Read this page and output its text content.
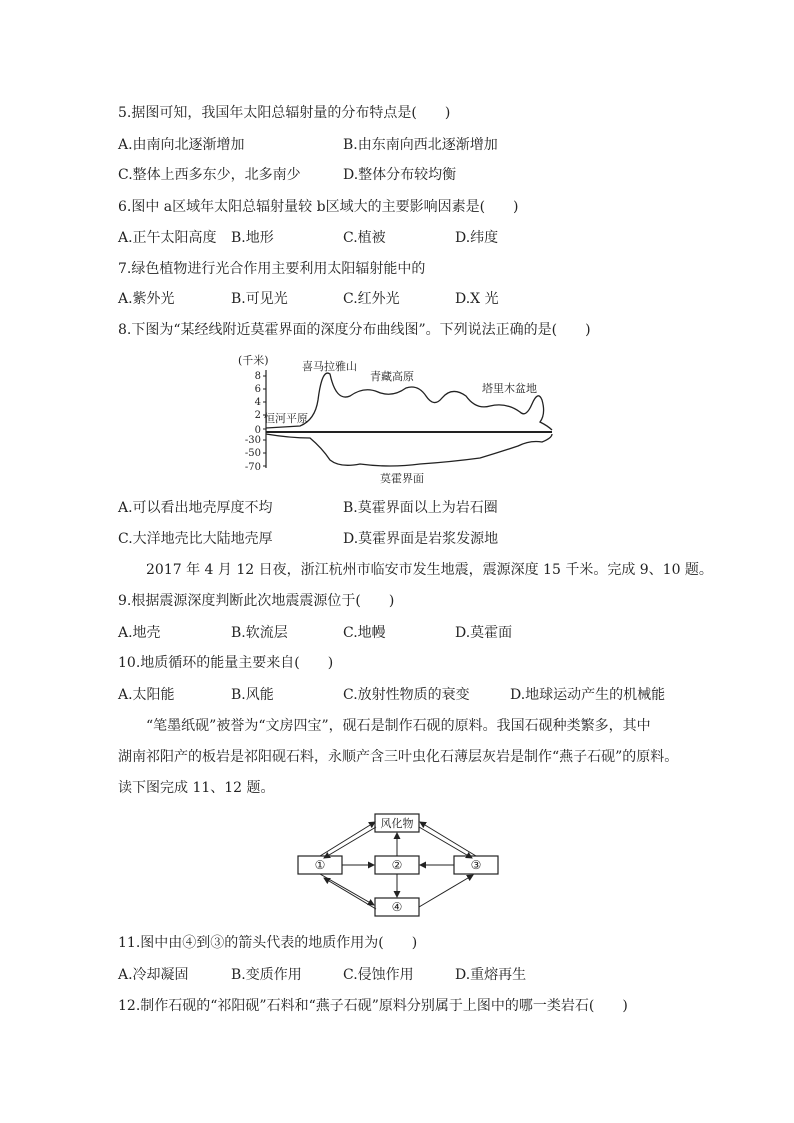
5.据图可知，我国年太阳总辐射量的分布特点是(　　)
A.由南向北逐渐增加	B.由东南向西北逐渐增加
C.整体上西多东少，北多南少	D.整体分布较均衡
6.图中 a区域年太阳总辐射量较 b区域大的主要影响因素是(　　)
A.正午太阳高度 B.地形	C.植被	D.纬度
7.绿色植物进行光合作用主要利用太阳辐射能中的
A.紫外光	B.可见光	C.红外光	D.X 光
8.下图为“某经线附近莫霍界面的深度分布曲线图”。下列说法正确的是(　　)
(千米)
8
6
4
2
0
-30
-50
-70
喜马拉雅山
青藏高原
塔里木盆地
恒河平原
莫霍界面
A.可以看出地壳厚度不均	B.莫霍界面以上为岩石圈
C.大洋地壳比大陆地壳厚	D.莫霍界面是岩浆发源地
2017 年 4 月 12 日夜，浙江杭州市临安市发生地震，震源深度 15 千米。完成 9、10 题。
9.根据震源深度判断此次地震震源位于(　　)
A.地壳	B.软流层	C.地幔	D.莫霍面
10.地质循环的能量主要来自(　　)
A.太阳能	B.风能	C.放射性物质的衰变	D.地球运动产生的机械能
“笔墨纸砚”被誉为“文房四宝”，砚石是制作石砚的原料。我国石砚种类繁多，其中
湖南祁阳产的板岩是祁阳砚石料，永顺产含三叶虫化石薄层灰岩是制作“燕子石砚”的原料。
读下图完成 11、12 题。
风化物
①	②	③
④
11.图中由④到③的箭头代表的地质作用为(　　)
A.冷却凝固	B.变质作用	C.侵蚀作用	D.重熔再生
12.制作石砚的“祁阳砚”石料和“燕子石砚”原料分别属于上图中的哪一类岩石(　　)
